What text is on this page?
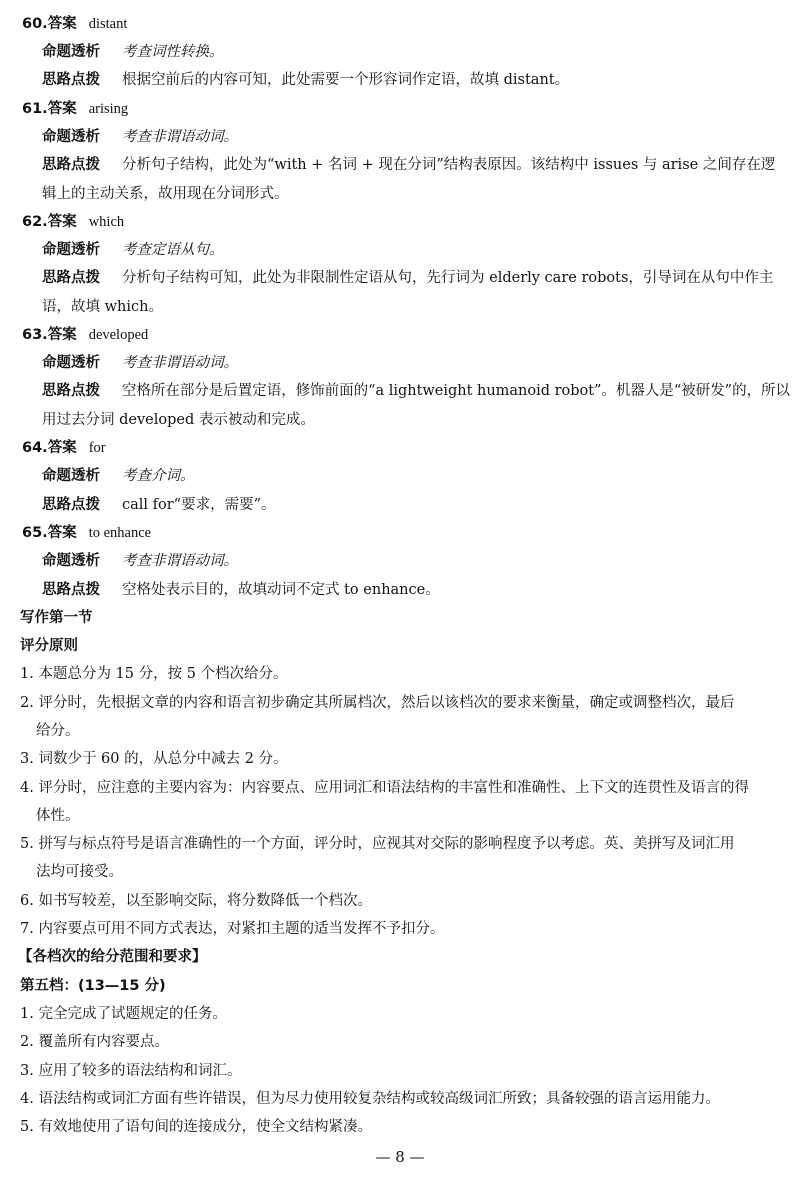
60.答案 distant
命题透析 考查词性转换。
思路点拨 根据空前后的内容可知，此处需要一个形容词作定语，故填 distant。
61.答案 arising
命题透析 考查非谓语动词。
思路点拨 分析句子结构，此处为“with + 名词 + 现在分词”结构表原因。该结构中 issues 与 arise 之间存在逻
辑上的主动关系，故用现在分词形式。
62.答案 which
命题透析 考查定语从句。
思路点拨 分析句子结构可知，此处为非限制性定语从句，先行词为 elderly care robots，引导词在从句中作主
语，故填 which。
63.答案 developed
命题透析 考查非谓语动词。
思路点拨 空格所在部分是后置定语，修饰前面的“a lightweight humanoid robot”。机器人是“被研发”的，所以
用过去分词 developed 表示被动和完成。
64.答案 for
命题透析 考查介词。
思路点拨 call for“要求，需要”。
65.答案 to enhance
命题透析 考查非谓语动词。
思路点拨 空格处表示目的，故填动词不定式 to enhance。
写作第一节
评分原则
1. 本题总分为 15 分，按 5 个档次给分。
2. 评分时，先根据文章的内容和语言初步确定其所属档次，然后以该档次的要求来衡量，确定或调整档次，最后
给分。
3. 词数少于 60 的，从总分中减去 2 分。
4. 评分时，应注意的主要内容为：内容要点、应用词汇和语法结构的丰富性和准确性、上下文的连贯性及语言的得
体性。
5. 拼写与标点符号是语言准确性的一个方面，评分时，应视其对交际的影响程度予以考虑。英、美拼写及词汇用
法均可接受。
6. 如书写较差，以至影响交际，将分数降低一个档次。
7. 内容要点可用不同方式表达，对紧扣主题的适当发挥不予扣分。
【各档次的给分范围和要求】
第五档：(13—15 分)
1. 完全完成了试题规定的任务。
2. 覆盖所有内容要点。
3. 应用了较多的语法结构和词汇。
4. 语法结构或词汇方面有些许错误，但为尽力使用较复杂结构或较高级词汇所致；具备较强的语言运用能力。
5. 有效地使用了语句间的连接成分，使全文结构紧凑。
— 8 —
